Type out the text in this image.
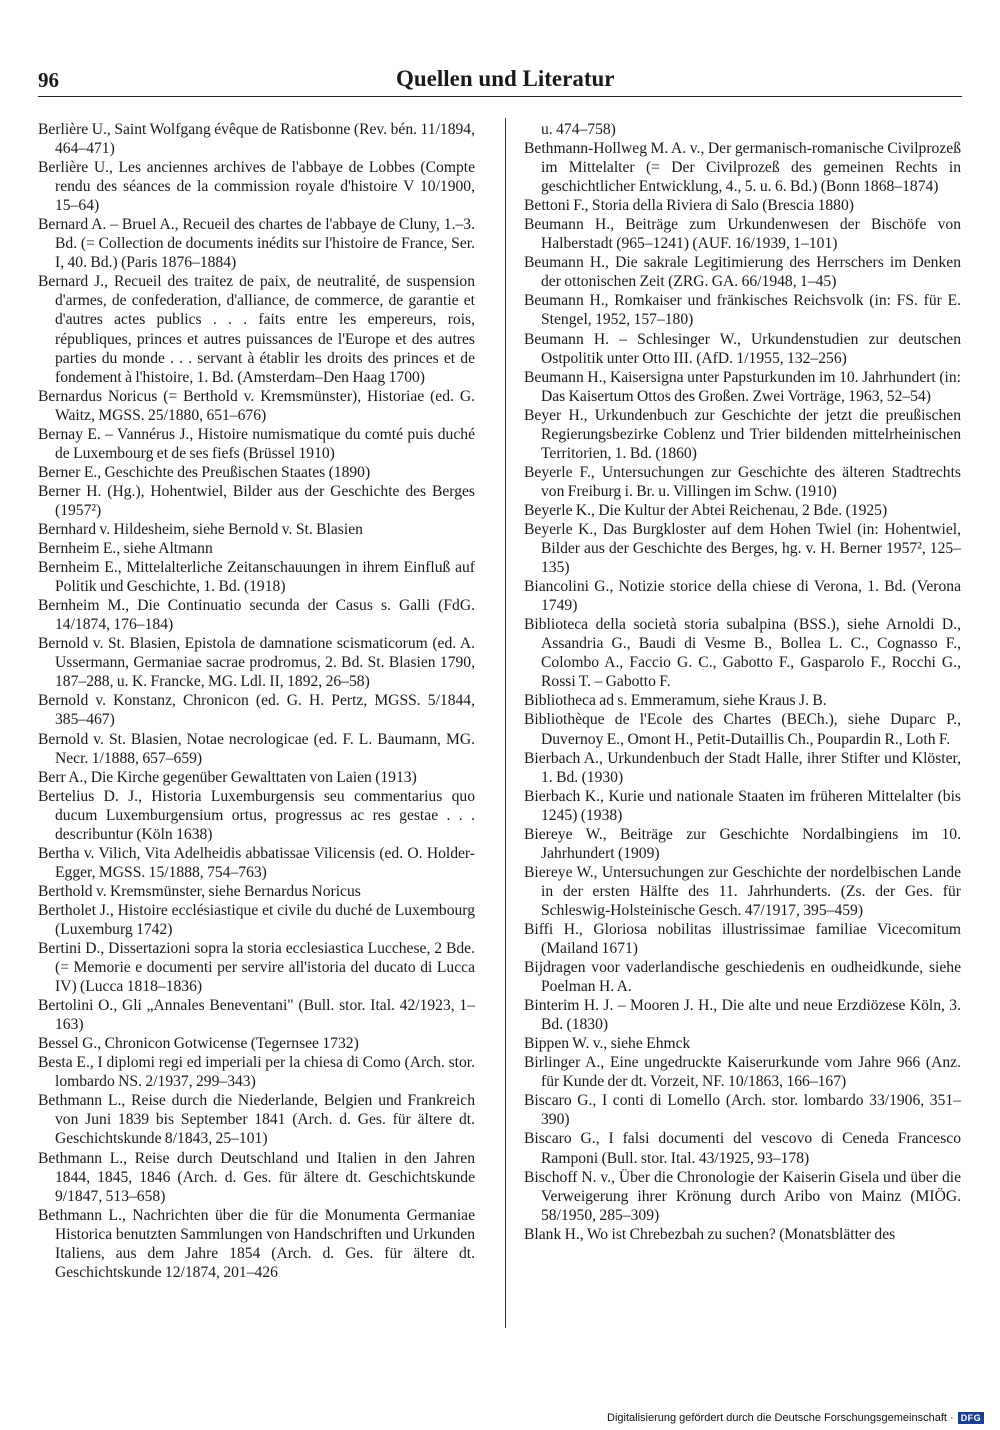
96	Quellen und Literatur

Berlière U., Saint Wolfgang évêque de Ratisbonne (Rev. bén. 11/1894, 464–471)

Berlière U., Les anciennes archives de l'abbaye de Lobbes (Compte rendu des séances de la commission royale d'histoire V 10/1900, 15–64)

Bernard A. – Bruel A., Recueil des chartes de l'abbaye de Cluny, 1.–3. Bd. (= Collection de documents inédits sur l'histoire de France, Ser. I, 40. Bd.) (Paris 1876–1884)

Bernard J., Recueil des traitez de paix, de neutralité, de suspension d'armes, de confederation, d'alliance, de commerce, de garantie et d'autres actes publics . . . faits entre les empereurs, rois, républiques, princes et autres puissances de l'Europe et des autres parties du monde . . . servant à établir les droits des princes et de fondement à l'histoire, 1. Bd. (Amsterdam–Den Haag 1700)

Bernardus Noricus (= Berthold v. Kremsmünster), Historiae (ed. G. Waitz, MGSS. 25/1880, 651–676)

Bernay E. – Vannérus J., Histoire numismatique du comté puis duché de Luxembourg et de ses fiefs (Brüssel 1910)

Berner E., Geschichte des Preußischen Staates (1890)

Berner H. (Hg.), Hohentwiel, Bilder aus der Geschichte des Berges (1957²)

Bernhard v. Hildesheim, siehe Bernold v. St. Blasien

Bernheim E., siehe Altmann

Bernheim E., Mittelalterliche Zeitanschauungen in ihrem Einfluß auf Politik und Geschichte, 1. Bd. (1918)

Bernheim M., Die Continuatio secunda der Casus s. Galli (FdG. 14/1874, 176–184)

Bernold v. St. Blasien, Epistola de damnatione scismaticorum (ed. A. Ussermann, Germaniae sacrae prodromus, 2. Bd. St. Blasien 1790, 187–288, u. K. Francke, MG. Ldl. II, 1892, 26–58)

Bernold v. Konstanz, Chronicon (ed. G. H. Pertz, MGSS. 5/1844, 385–467)

Bernold v. St. Blasien, Notae necrologicae (ed. F. L. Baumann, MG. Necr. 1/1888, 657–659)

Berr A., Die Kirche gegenüber Gewalttaten von Laien (1913)

Bertelius D. J., Historia Luxemburgensis seu commentarius quo ducum Luxemburgensium ortus, progressus ac res gestae . . . describuntur (Köln 1638)

Bertha v. Vilich, Vita Adelheidis abbatissae Vilicensis (ed. O. Holder-Egger, MGSS. 15/1888, 754–763)

Berthold v. Kremsmünster, siehe Bernardus Noricus

Bertholet J., Histoire ecclésiastique et civile du duché de Luxembourg (Luxemburg 1742)

Bertini D., Dissertazioni sopra la storia ecclesiastica Lucchese, 2 Bde. (= Memorie e documenti per servire all'istoria del ducato di Lucca IV) (Lucca 1818–1836)

Bertolini O., Gli „Annales Beneventani" (Bull. stor. Ital. 42/1923, 1–163)

Bessel G., Chronicon Gotwicense (Tegernsee 1732)

Besta E., I diplomi regi ed imperiali per la chiesa di Como (Arch. stor. lombardo NS. 2/1937, 299–343)

Bethmann L., Reise durch die Niederlande, Belgien und Frankreich von Juni 1839 bis September 1841 (Arch. d. Ges. für ältere dt. Geschichtskunde 8/1843, 25–101)

Bethmann L., Reise durch Deutschland und Italien in den Jahren 1844, 1845, 1846 (Arch. d. Ges. für ältere dt. Geschichtskunde 9/1847, 513–658)

Bethmann L., Nachrichten über die für die Monumenta Germaniae Historica benutzten Sammlungen von Handschriften und Urkunden Italiens, aus dem Jahre 1854 (Arch. d. Ges. für ältere dt. Geschichtskunde 12/1874, 201–426

u. 474–758)

Bethmann-Hollweg M. A. v., Der germanisch-romanische Civilprozeß im Mittelalter (= Der Civilprozeß des gemeinen Rechts in geschichtlicher Entwicklung, 4., 5. u. 6. Bd.) (Bonn 1868–1874)

Bettoni F., Storia della Riviera di Salo (Brescia 1880)

Beumann H., Beiträge zum Urkundenwesen der Bischöfe von Halberstadt (965–1241) (AUF. 16/1939, 1–101)

Beumann H., Die sakrale Legitimierung des Herrschers im Denken der ottonischen Zeit (ZRG. GA. 66/1948, 1–45)

Beumann H., Romkaiser und fränkisches Reichsvolk (in: FS. für E. Stengel, 1952, 157–180)

Beumann H. – Schlesinger W., Urkundenstudien zur deutschen Ostpolitik unter Otto III. (AfD. 1/1955, 132–256)

Beumann H., Kaisersigna unter Papsturkunden im 10. Jahrhundert (in: Das Kaisertum Ottos des Großen. Zwei Vorträge, 1963, 52–54)

Beyer H., Urkundenbuch zur Geschichte der jetzt die preußischen Regierungsbezirke Coblenz und Trier bildenden mittelrheinischen Territorien, 1. Bd. (1860)

Beyerle F., Untersuchungen zur Geschichte des älteren Stadtrechts von Freiburg i. Br. u. Villingen im Schw. (1910)

Beyerle K., Die Kultur der Abtei Reichenau, 2 Bde. (1925)

Beyerle K., Das Burgkloster auf dem Hohen Twiel (in: Hohentwiel, Bilder aus der Geschichte des Berges, hg. v. H. Berner 1957², 125–135)

Biancolini G., Notizie storice della chiese di Verona, 1. Bd. (Verona 1749)

Biblioteca della società storia subalpina (BSS.), siehe Arnoldi D., Assandria G., Baudi di Vesme B., Bollea L. C., Cognasso F., Colombo A., Faccio G. C., Gabotto F., Gasparolo F., Rocchi G., Rossi T. – Gabotto F.

Bibliotheca ad s. Emmeramum, siehe Kraus J. B.

Bibliothèque de l'Ecole des Chartes (BECh.), siehe Duparc P., Duvernoy E., Omont H., Petit-Dutaillis Ch., Poupardin R., Loth F.

Bierbach A., Urkundenbuch der Stadt Halle, ihrer Stifter und Klöster, 1. Bd. (1930)

Bierbach K., Kurie und nationale Staaten im früheren Mittelalter (bis 1245) (1938)

Biereye W., Beiträge zur Geschichte Nordalbingiens im 10. Jahrhundert (1909)

Biereye W., Untersuchungen zur Geschichte der nordelbischen Lande in der ersten Hälfte des 11. Jahrhunderts. (Zs. der Ges. für Schleswig-Holsteinische Gesch. 47/1917, 395–459)

Biffi H., Gloriosa nobilitas illustrissimae familiae Vicecomitum (Mailand 1671)

Bijdragen voor vaderlandische geschiedenis en oudheidkunde, siehe Poelman H. A.

Binterim H. J. – Mooren J. H., Die alte und neue Erzdiözese Köln, 3. Bd. (1830)

Bippen W. v., siehe Ehmck

Birlinger A., Eine ungedruckte Kaiserurkunde vom Jahre 966 (Anz. für Kunde der dt. Vorzeit, NF. 10/1863, 166–167)

Biscaro G., I conti di Lomello (Arch. stor. lombardo 33/1906, 351–390)

Biscaro G., I falsi documenti del vescovo di Ceneda Francesco Ramponi (Bull. stor. Ital. 43/1925, 93–178)

Bischoff N. v., Über die Chronologie der Kaiserin Gisela und über die Verweigerung ihrer Krönung durch Aribo von Mainz (MIÖG. 58/1950, 285–309)

Blank H., Wo ist Chrebezbah zu suchen? (Monatsblätter des

Digitalisierung gefördert durch die Deutsche Forschungsgemeinschaft · DFG
